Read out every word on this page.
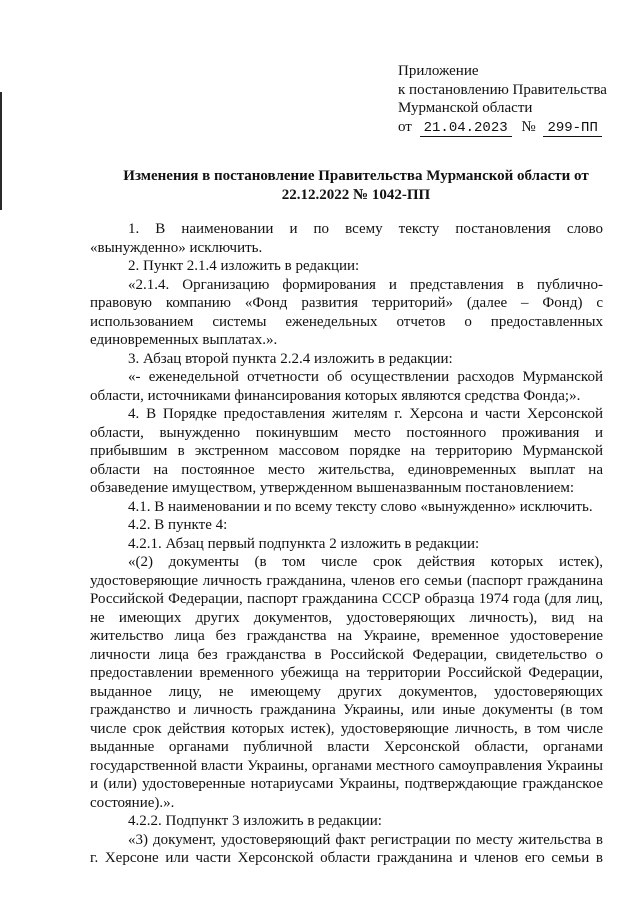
Приложение
к постановлению Правительства
Мурманской области
от 21.04.2023 № 299-ПП
Изменения в постановление Правительства Мурманской области от
22.12.2022 № 1042-ПП

1. В наименовании и по всему тексту постановления слово «вынужденно» исключить.

2. Пункт 2.1.4 изложить в редакции:

«2.1.4. Организацию формирования и представления в публично-правовую компанию «Фонд развития территорий» (далее – Фонд) с использованием системы еженедельных отчетов о предоставленных единовременных выплатах.».

3. Абзац второй пункта 2.2.4 изложить в редакции:

«- еженедельной отчетности об осуществлении расходов Мурманской области, источниками финансирования которых являются средства Фонда;».

4. В Порядке предоставления жителям г. Херсона и части Херсонской области, вынужденно покинувшим место постоянного проживания и прибывшим в экстренном массовом порядке на территорию Мурманской области на постоянное место жительства, единовременных выплат на обзаведение имуществом, утвержденном вышеназванным постановлением:

4.1. В наименовании и по всему тексту слово «вынужденно» исключить.

4.2. В пункте 4:

4.2.1. Абзац первый подпункта 2 изложить в редакции:

«(2) документы (в том числе срок действия которых истек), удостоверяющие личность гражданина, членов его семьи (паспорт гражданина Российской Федерации, паспорт гражданина СССР образца 1974 года (для лиц, не имеющих других документов, удостоверяющих личность), вид на жительство лица без гражданства на Украине, временное удостоверение личности лица без гражданства в Российской Федерации, свидетельство о предоставлении временного убежища на территории Российской Федерации, выданное лицу, не имеющему других документов, удостоверяющих гражданство и личность гражданина Украины, или иные документы (в том числе срок действия которых истек), удостоверяющие личность, в том числе выданные органами публичной власти Херсонской области, органами государственной власти Украины, органами местного самоуправления Украины и (или) удостоверенные нотариусами Украины, подтверждающие гражданское состояние).».

4.2.2. Подпункт 3 изложить в редакции:

«3) документ, удостоверяющий факт регистрации по месту жительства в г. Херсоне или части Херсонской области гражданина и членов его семьи в
